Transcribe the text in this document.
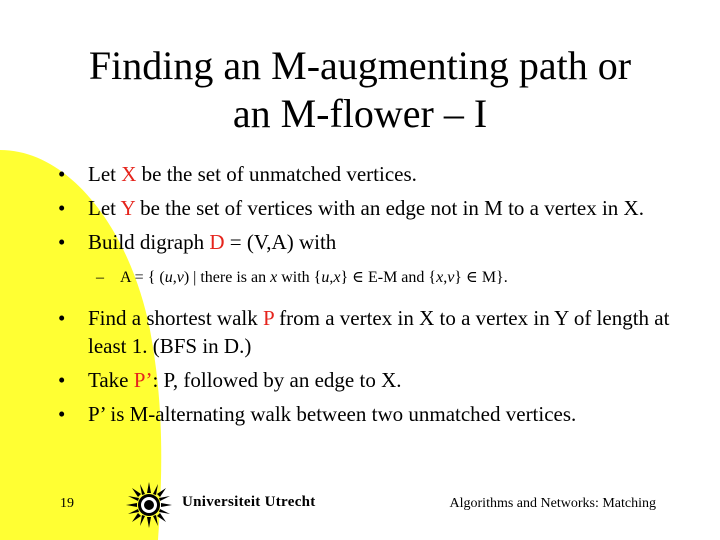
Finding an M-augmenting path or
an M-flower – I
• Let X be the set of unmatched vertices.
• Let Y be the set of vertices with an edge not in M to a vertex in X.
• Build digraph D = (V,A) with
– A = { (u,v) | there is an x with {u,x} ∈ E-M and {x,v} ∈ M}.
• Find a shortest walk P from a vertex in X to a vertex in Y of length at least 1. (BFS in D.)
• Take P’: P, followed by an edge to X.
• P’ is M-alternating walk between two unmatched vertices.
19	Universiteit Utrecht	Algorithms and Networks: Matching
